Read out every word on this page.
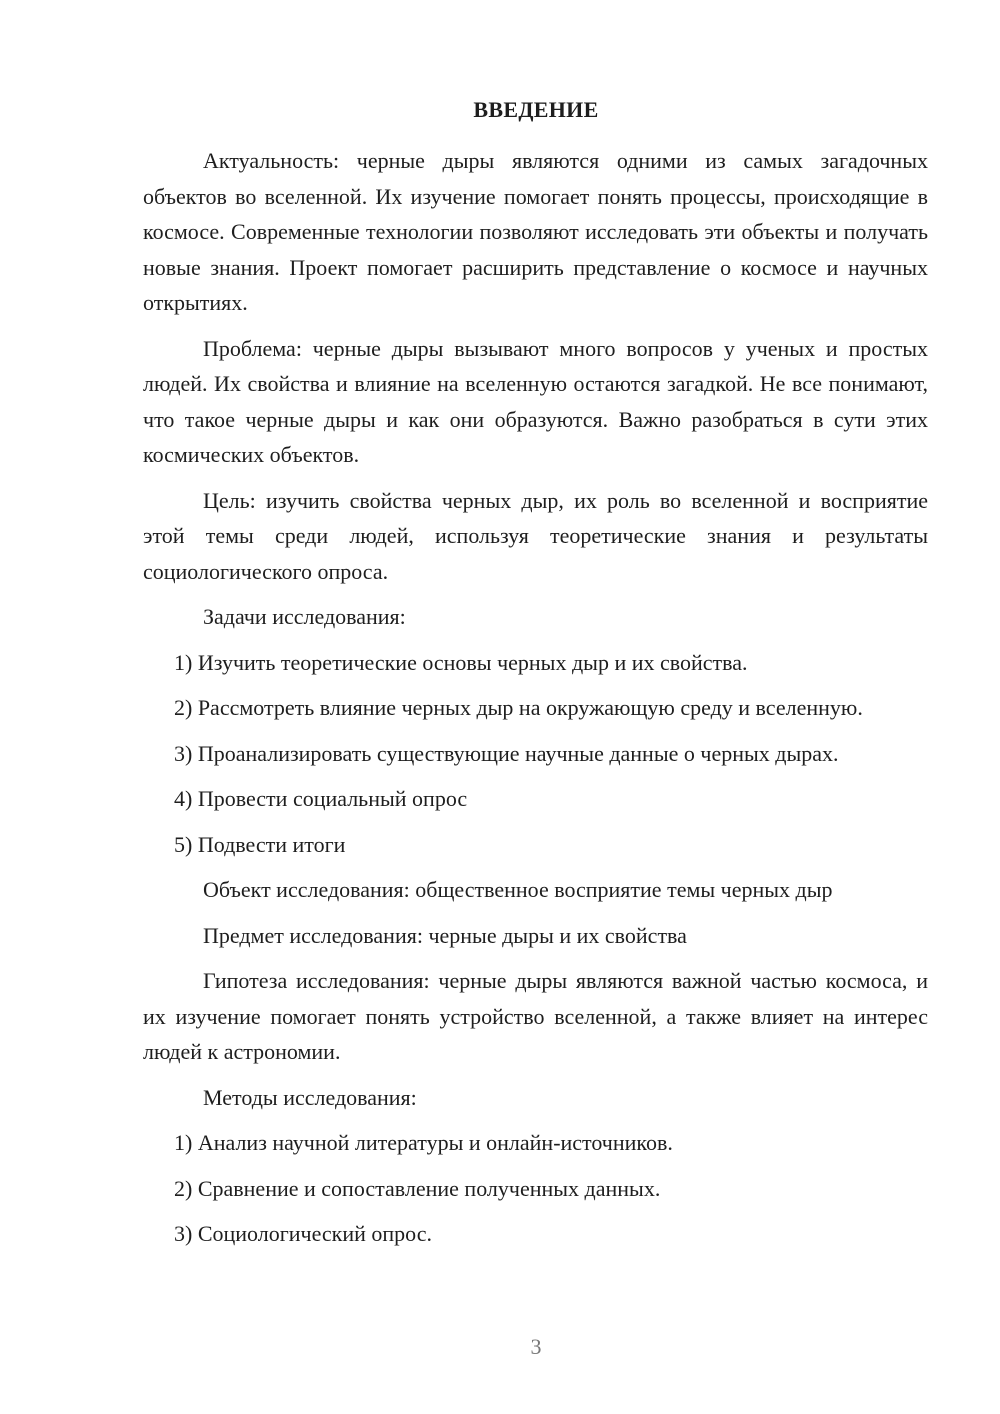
ВВЕДЕНИЕ

Актуальность: черные дыры являются одними из самых загадочных объектов во вселенной. Их изучение помогает понять процессы, происходящие в космосе. Современные технологии позволяют исследовать эти объекты и получать новые знания. Проект помогает расширить представление о космосе и научных открытиях.

Проблема: черные дыры вызывают много вопросов у ученых и простых людей. Их свойства и влияние на вселенную остаются загадкой. Не все понимают, что такое черные дыры и как они образуются. Важно разобраться в сути этих космических объектов.

Цель: изучить свойства черных дыр, их роль во вселенной и восприятие этой темы среди людей, используя теоретические знания и результаты социологического опроса.

Задачи исследования:

1) Изучить теоретические основы черных дыр и их свойства.

2) Рассмотреть влияние черных дыр на окружающую среду и вселенную.

3) Проанализировать существующие научные данные о черных дырах.

4) Провести социальный опрос

5) Подвести итоги

Объект исследования: общественное восприятие темы черных дыр

Предмет исследования: черные дыры и их свойства

Гипотеза исследования: черные дыры являются важной частью космоса, и их изучение помогает понять устройство вселенной, а также влияет на интерес людей к астрономии.

Методы исследования:

1) Анализ научной литературы и онлайн-источников.

2) Сравнение и сопоставление полученных данных.

3) Социологический опрос.

3
